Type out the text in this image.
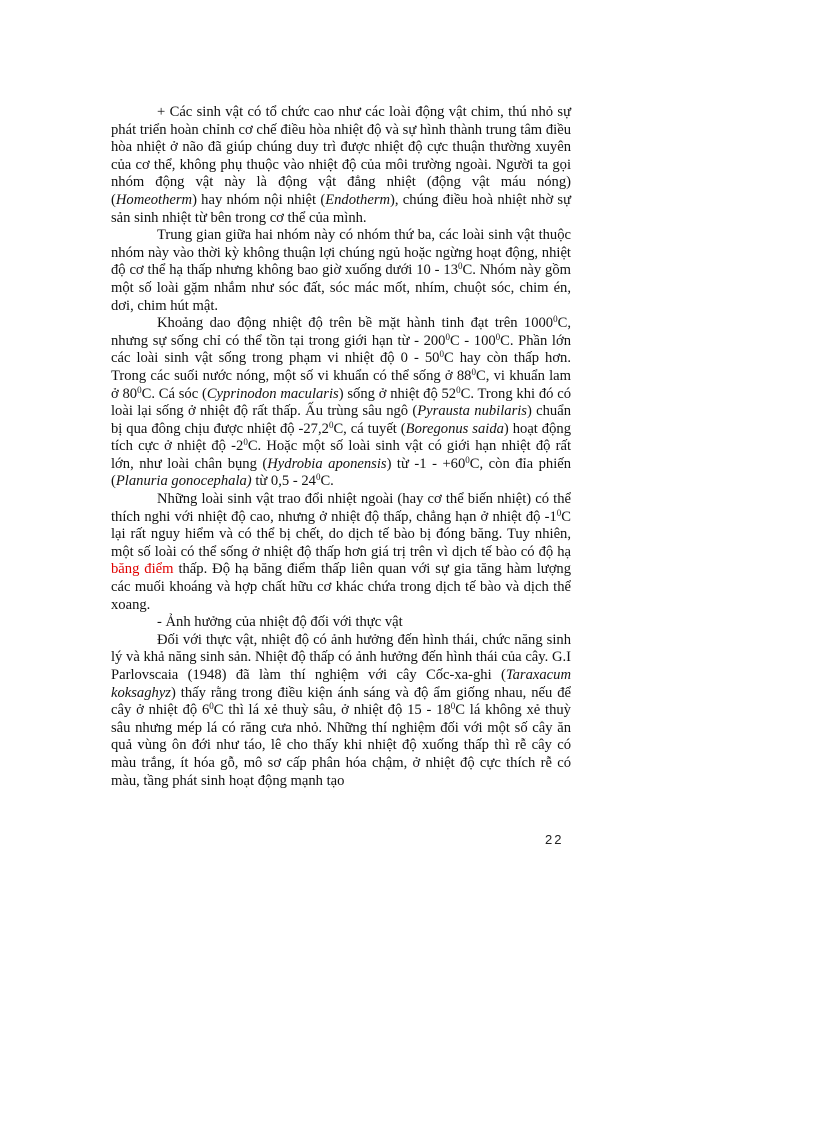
+ Các sinh vật có tổ chức cao như các loài động vật chim, thú nhỏ sự phát triển hoàn chỉnh cơ chế điều hòa nhiệt độ và sự hình thành trung tâm điều hòa nhiệt ở não đã giúp chúng duy trì được nhiệt độ cực thuận thường xuyên của cơ thể, không phụ thuộc vào nhiệt độ của môi trường ngoài. Người ta gọi nhóm động vật này là động vật đẳng nhiệt (động vật máu nóng) (Homeotherm) hay nhóm nội nhiệt (Endotherm), chúng điều hoà nhiệt nhờ sự sản sinh nhiệt từ bên trong cơ thể của mình.

Trung gian giữa hai nhóm này có nhóm thứ ba, các loài sinh vật thuộc nhóm này vào thời kỳ không thuận lợi chúng ngủ hoặc ngừng hoạt động, nhiệt độ cơ thể hạ thấp nhưng không bao giờ xuống dưới $10 - 13^0C$. Nhóm này gồm một số loài gặm nhắm như sóc đất, sóc mác mốt, nhím, chuột sóc, chim én, dơi, chim hút mật.

Khoảng dao động nhiệt độ trên bề mặt hành tinh đạt trên 1000$^0$C, nhưng sự sống chỉ có thể tồn tại trong giới hạn từ - $200^0C - 100^0C$. Phần lớn các loài sinh vật sống trong phạm vi nhiệt độ $0 - 50^0C$ hay còn thấp hơn. Trong các suối nước nóng, một số vi khuẩn có thể sống ở $88^0C$, vi khuẩn lam ở $80^0C$. Cá sóc (Cyprinodon macularis) sống ở nhiệt độ $52^0C$. Trong khi đó có loài lại sống ở nhiệt độ rất thấp. Ấu trùng sâu ngô (Pyrausta nubilaris) chuẩn bị qua đông chịu được nhiệt độ -27,2$^0$C, cá tuyết (Boregonus saida) hoạt động tích cực ở nhiệt độ $-2^0C$. Hoặc một số loài sinh vật có giới hạn nhiệt độ rất lớn, như loài chân bụng (Hydrobia aponensis) từ $-1 - +60^0C$, còn đỉa phiến (Planuria gonocephala) từ $0,5 - 24^0C$.

Những loài sinh vật trao đổi nhiệt ngoài (hay cơ thể biến nhiệt) có thể thích nghi với nhiệt độ cao, nhưng ở nhiệt độ thấp, chẳng hạn ở nhiệt độ $-1^0C$ lại rất nguy hiểm và có thể bị chết, do dịch tế bào bị đóng băng. Tuy nhiên, một số loài có thể sống ở nhiệt độ thấp hơn giá trị trên vì dịch tế bào có độ hạ băng điểm thấp. Độ hạ băng điểm thấp liên quan với sự gia tăng hàm lượng các muối khoáng và hợp chất hữu cơ khác chứa trong dịch tế bào và dịch thể xoang.

- Ảnh hưởng của nhiệt độ đối với thực vật

Đối với thực vật, nhiệt độ có ảnh hưởng đến hình thái, chức năng sinh lý và khả năng sinh sản. Nhiệt độ thấp có ảnh hưởng đến hình thái của cây. G.I Parlovscaia (1948) đã làm thí nghiệm với cây Cốc-xa-ghi (Taraxacum koksaghyz) thấy rằng trong điều kiện ánh sáng và độ ẩm giống nhau, nếu để cây ở nhiệt độ $6^0C$ thì lá xẻ thuỳ sâu, ở nhiệt độ $15 - 18^0C$ lá không xẻ thuỳ sâu nhưng mép lá có răng cưa nhỏ. Những thí nghiệm đối với một số cây ăn quả vùng ôn đới như táo, lê cho thấy khi nhiệt độ xuống thấp thì rễ cây có màu trắng, ít hóa gỗ, mô sơ cấp phân hóa chậm, ở nhiệt độ cực thích rễ có màu, tầng phát sinh hoạt động mạnh tạo

22
